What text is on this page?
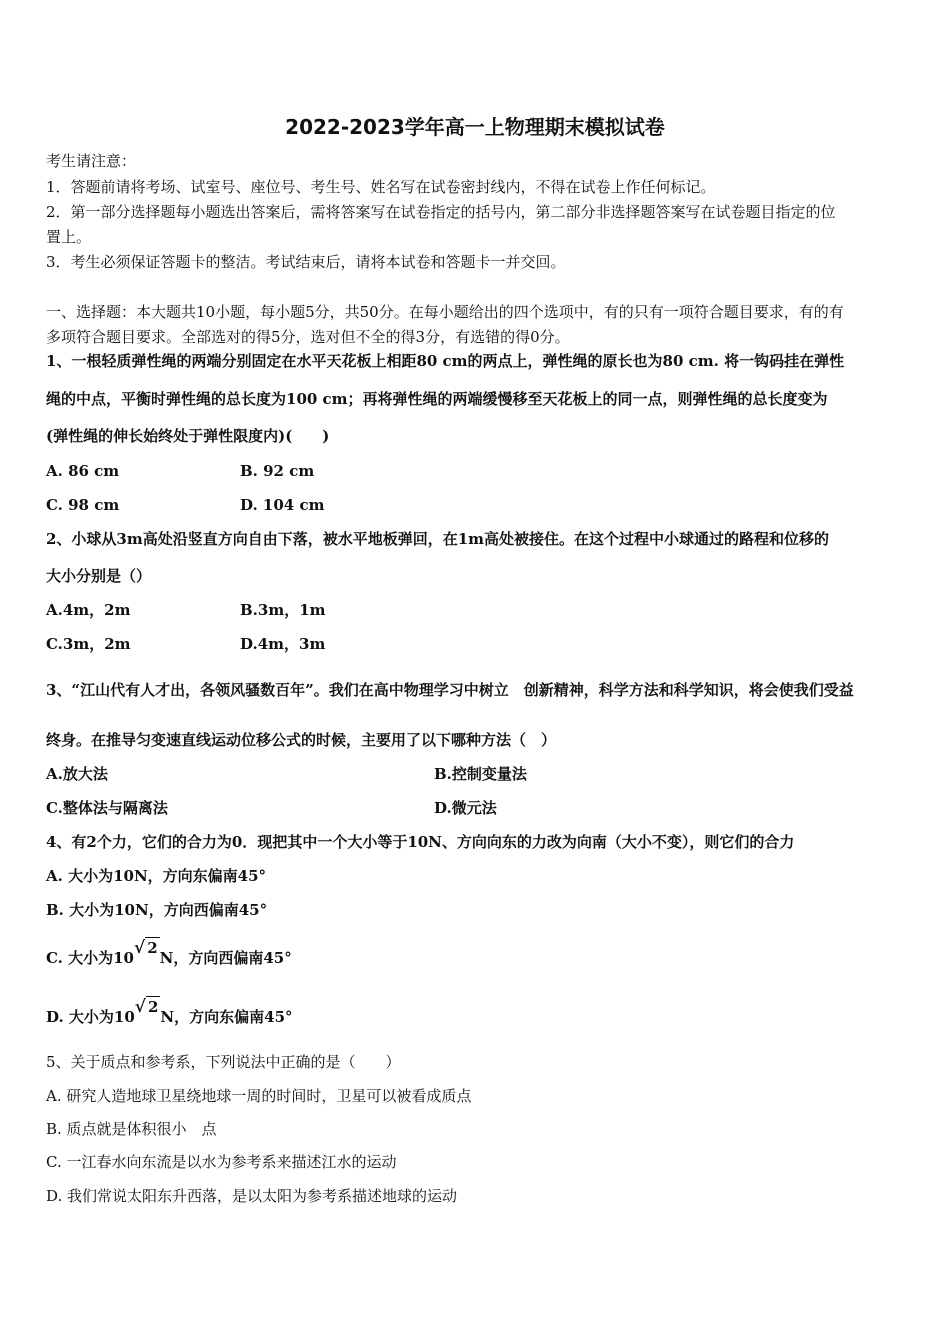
2022-2023学年高一上物理期末模拟试卷
考生请注意：
1．答题前请将考场、试室号、座位号、考生号、姓名写在试卷密封线内，不得在试卷上作任何标记。
2．第一部分选择题每小题选出答案后，需将答案写在试卷指定的括号内，第二部分非选择题答案写在试卷题目指定的位
置上。
3．考生必须保证答题卡的整洁。考试结束后，请将本试卷和答题卡一并交回。
一、选择题：本大题共10小题，每小题5分，共50分。在每小题给出的四个选项中，有的只有一项符合题目要求，有的有
多项符合题目要求。全部选对的得5分，选对但不全的得3分，有选错的得0分。
1、一根轻质弹性绳的两端分别固定在水平天花板上相距80 cm的两点上，弹性绳的原长也为80 cm. 将一钩码挂在弹性
绳的中点，平衡时弹性绳的总长度为100 cm；再将弹性绳的两端缓慢移至天花板上的同一点，则弹性绳的总长度变为
(弹性绳的伸长始终处于弹性限度内)(　　)
A. 86 cm	B. 92 cm
C. 98 cm	D. 104 cm
2、小球从3m高处沿竖直方向自由下落，被水平地板弹回，在1m高处被接住。在这个过程中小球通过的路程和位移的
大小分别是（）
A.4m，2m	B.3m，1m
C.3m，2m	D.4m，3m
3、“江山代有人才出，各领风骚数百年”。我们在高中物理学习中树立　创新精神，科学方法和科学知识，将会使我们受益
终身。在推导匀变速直线运动位移公式的时候，主要用了以下哪种方法（　）
A.放大法	B.控制变量法
C.整体法与隔离法	D.微元法
4、有2个力，它们的合力为0．现把其中一个大小等于10N、方向向东的力改为向南（大小不变），则它们的合力
A. 大小为10N，方向东偏南45°
B. 大小为10N，方向西偏南45°
C. 大小为10√ 2N，方向西偏南45°
D. 大小为10√ 2N，方向东偏南45°
5、关于质点和参考系，下列说法中正确的是（　　）
A. 研究人造地球卫星绕地球一周的时间时，卫星可以被看成质点
B. 质点就是体积很小　点
C. 一江春水向东流是以水为参考系来描述江水的运动
D. 我们常说太阳东升西落，是以太阳为参考系描述地球的运动
